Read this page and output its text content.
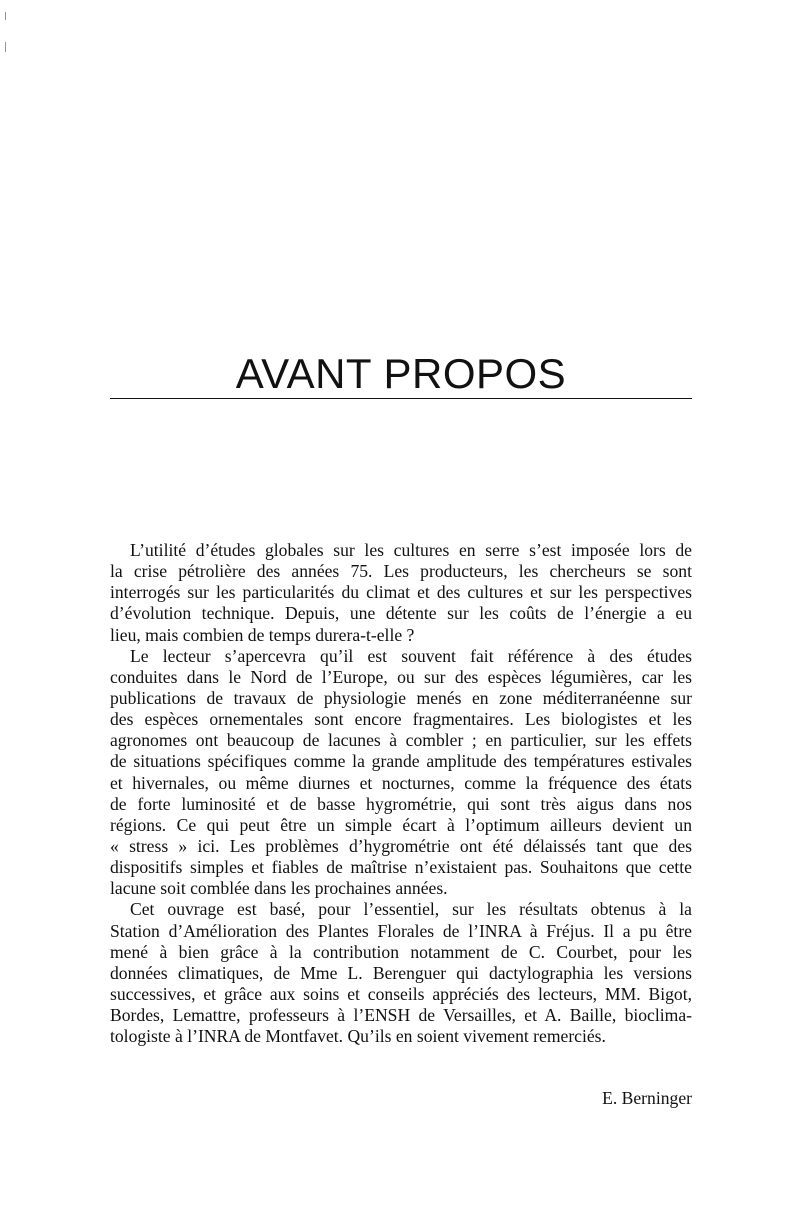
AVANT PROPOS
L’utilité d’études globales sur les cultures en serre s’est imposée lors de
la crise pétrolière des années 75. Les producteurs, les chercheurs se sont
interrogés sur les particularités du climat et des cultures et sur les perspectives
d’évolution technique. Depuis, une détente sur les coûts de l’énergie a eu
lieu, mais combien de temps durera-t-elle ?
Le lecteur s’apercevra qu’il est souvent fait référence à des études
conduites dans le Nord de l’Europe, ou sur des espèces légumières, car les
publications de travaux de physiologie menés en zone méditerranéenne sur
des espèces ornementales sont encore fragmentaires. Les biologistes et les
agronomes ont beaucoup de lacunes à combler ; en particulier, sur les effets
de situations spécifiques comme la grande amplitude des températures estivales
et hivernales, ou même diurnes et nocturnes, comme la fréquence des états
de forte luminosité et de basse hygrométrie, qui sont très aigus dans nos
régions. Ce qui peut être un simple écart à l’optimum ailleurs devient un
« stress » ici. Les problèmes d’hygrométrie ont été délaissés tant que des
dispositifs simples et fiables de maîtrise n’existaient pas. Souhaitons que cette
lacune soit comblée dans les prochaines années.
Cet ouvrage est basé, pour l’essentiel, sur les résultats obtenus à la
Station d’Amélioration des Plantes Florales de l’INRA à Fréjus. Il a pu être
mené à bien grâce à la contribution notamment de C. Courbet, pour les
données climatiques, de Mme L. Berenguer qui dactylographia les versions
successives, et grâce aux soins et conseils appréciés des lecteurs, MM. Bigot,
Bordes, Lemattre, professeurs à l’ENSH de Versailles, et A. Baille, bioclima-
tologiste à l’INRA de Montfavet. Qu’ils en soient vivement remerciés.
E. Berninger
